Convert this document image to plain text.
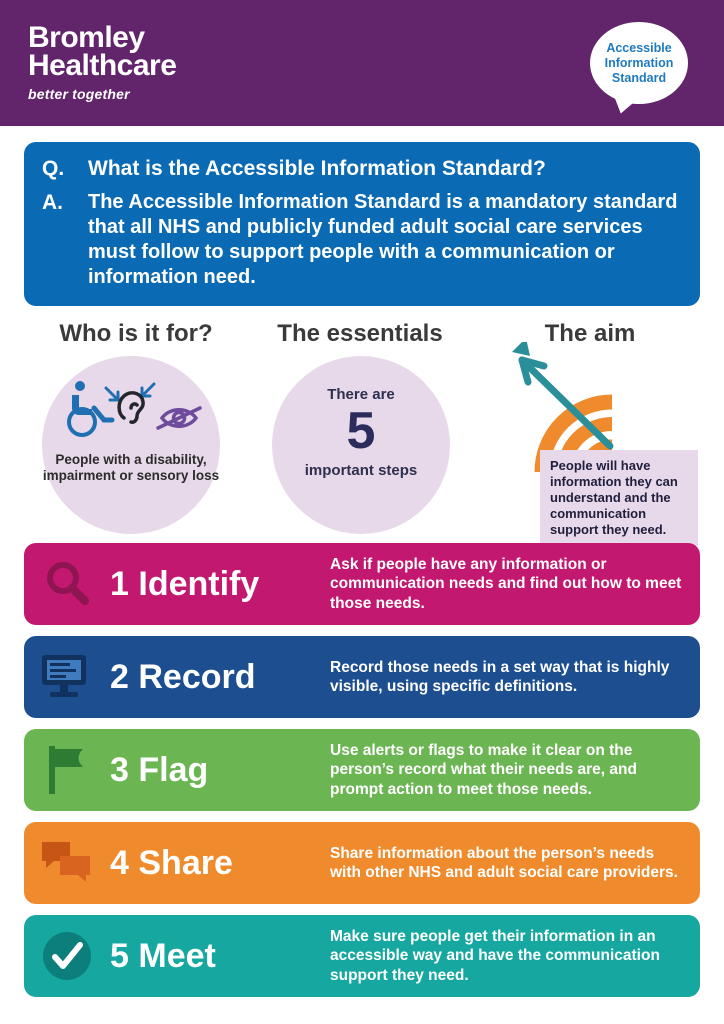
Bromley
Healthcare
better together
Accessible Information Standard
Q.	What is the Accessible Information Standard?
A.	The Accessible Information Standard is a mandatory standard that all NHS and publicly funded adult social care services must follow to support people with a communication or information need.
Who is it for?
People with a disability, impairment or sensory loss
The essentials
There are
5
important steps
The aim
People will have information they can understand and the communication support they need.
1 Identify
Ask if people have any information or communication needs and find out how to meet those needs.
2 Record	Record those needs in a set way that is highly visible, using specific definitions.
3 Flag
Use alerts or flags to make it clear on the person’s record what their needs are, and prompt action to meet those needs.
4 Share	Share information about the person’s needs with other NHS and adult social care providers.
5 Meet
Make sure people get their information in an accessible way and have the communication support they need.
